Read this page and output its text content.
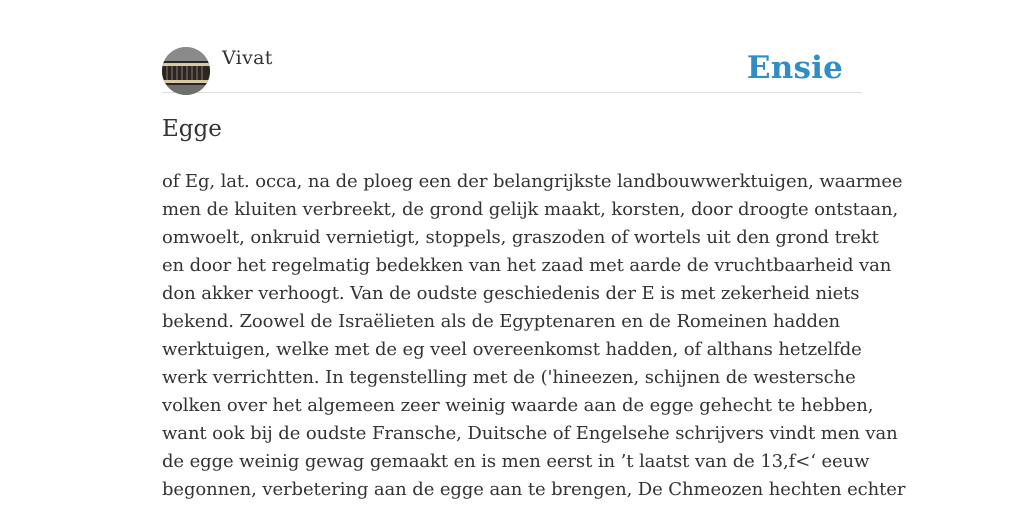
Vivat	Ensie
Egge

of Eg, lat. occa, na de ploeg een der belangrijkste landbouwwerktuigen, waarmee
men de kluiten verbreekt, de grond gelijk maakt, korsten, door droogte ontstaan,
omwoelt, onkruid vernietigt, stoppels, graszoden of wortels uit den grond trekt
en door het regelmatig bedekken van het zaad met aarde de vruchtbaarheid van
don akker verhoogt. Van de oudste geschiedenis der E is met zekerheid niets
bekend. Zoowel de Israëlieten als de Egyptenaren en de Romeinen hadden
werktuigen, welke met de eg veel overeenkomst hadden, of althans hetzelfde
werk verrichtten. In tegenstelling met de ('hineezen, schijnen de westersche
volken over het algemeen zeer weinig waarde aan de egge gehecht te hebben,
want ook bij de oudste Fransche, Duitsche of Engelsehe schrijvers vindt men van
de egge weinig gewag gemaakt en is men eerst in ’t laatst van de 13,f<‘ eeuw
begonnen, verbetering aan de egge aan te brengen, De Chmeozen hechten echter
